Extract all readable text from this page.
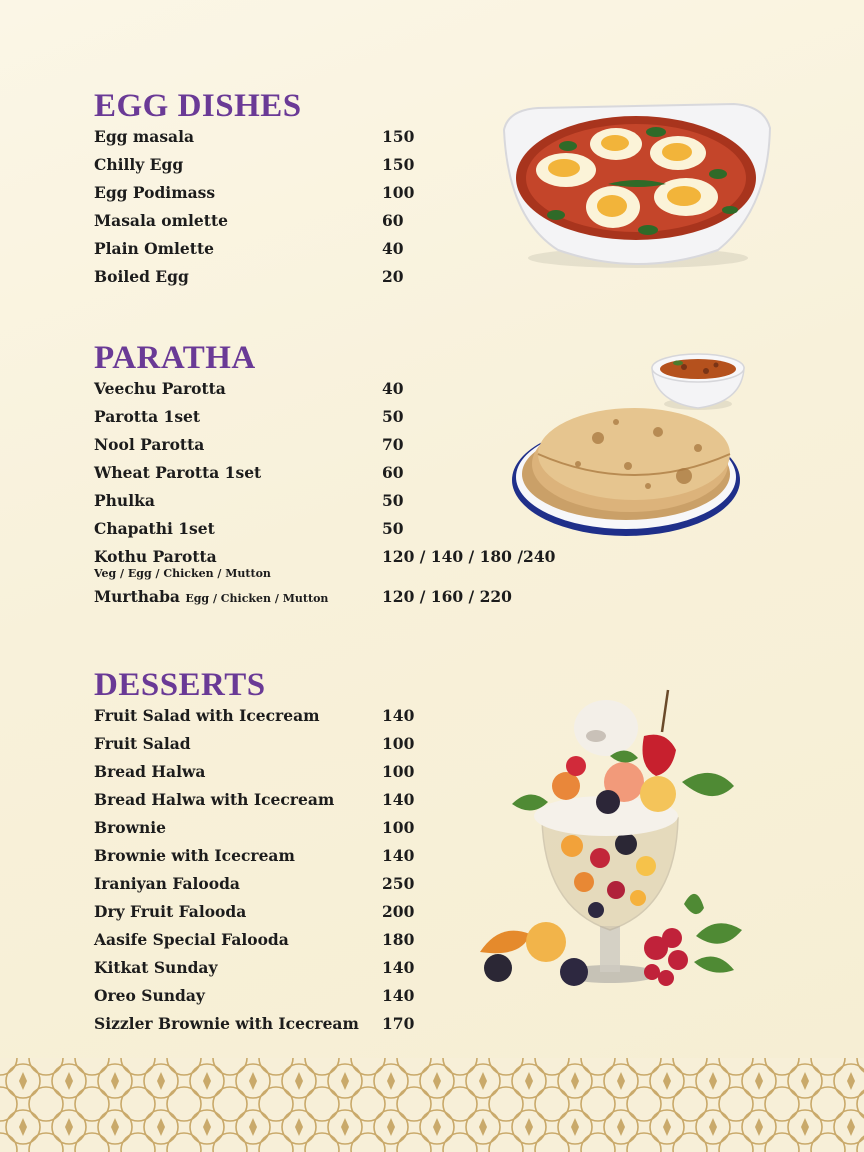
EGG DISHES
Egg masala	150
Chilly Egg	150
Egg Podimass	100
Masala omlette	60
Plain Omlette	40
Boiled Egg	20
PARATHA
Veechu Parotta	40
Parotta 1set	50
Nool Parotta	70
Wheat Parotta 1set	60
Phulka	50
Chapathi 1set	50
Kothu Parotta	120 / 140 / 180 /240
Veg / Egg / Chicken / Mutton
Murthaba Egg / Chicken / Mutton	120 / 160 / 220
DESSERTS
Fruit Salad with Icecream	140
Fruit Salad	100
Bread Halwa	100
Bread Halwa with Icecream	140
Brownie	100
Brownie with Icecream	140
Iraniyan Falooda	250
Dry Fruit Falooda	200
Aasife Special Falooda	180
Kitkat Sunday	140
Oreo Sunday	140
Sizzler Brownie with Icecream 170
